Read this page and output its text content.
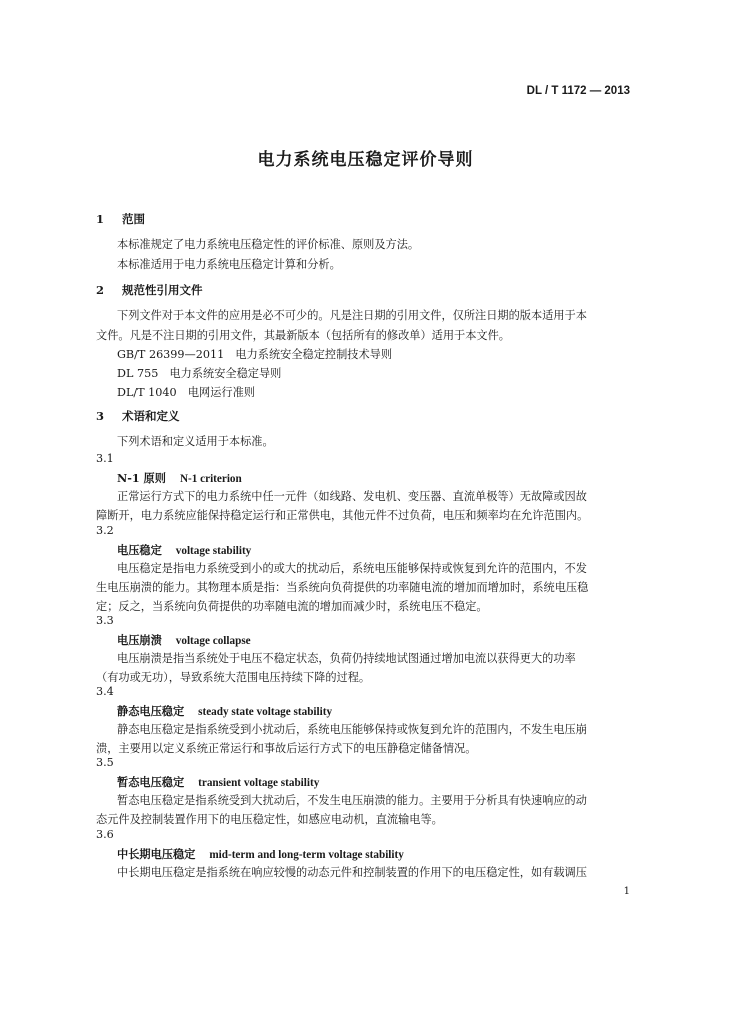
DL / T 1172 — 2013
电力系统电压稳定评价导则
1 范围
本标准规定了电力系统电压稳定性的评价标准、原则及方法。
本标准适用于电力系统电压稳定计算和分析。
2 规范性引用文件
下列文件对于本文件的应用是必不可少的。凡是注日期的引用文件，仅所注日期的版本适用于本
文件。凡是不注日期的引用文件，其最新版本（包括所有的修改单）适用于本文件。
GB/T 26399—2011　电力系统安全稳定控制技术导则
DL 755　电力系统安全稳定导则
DL/T 1040　电网运行准则
3 术语和定义
下列术语和定义适用于本标准。
3.1
N-1 原则 N-1 criterion
正常运行方式下的电力系统中任一元件（如线路、发电机、变压器、直流单极等）无故障或因故
障断开，电力系统应能保持稳定运行和正常供电，其他元件不过负荷，电压和频率均在允许范围内。
3.2
电压稳定 voltage stability
电压稳定是指电力系统受到小的或大的扰动后，系统电压能够保持或恢复到允许的范围内，不发
生电压崩溃的能力。其物理本质是指：当系统向负荷提供的功率随电流的增加而增加时，系统电压稳
定；反之，当系统向负荷提供的功率随电流的增加而减少时，系统电压不稳定。
3.3
电压崩溃 voltage collapse
电压崩溃是指当系统处于电压不稳定状态，负荷仍持续地试图通过增加电流以获得更大的功率
（有功或无功），导致系统大范围电压持续下降的过程。
3.4
静态电压稳定 steady state voltage stability
静态电压稳定是指系统受到小扰动后，系统电压能够保持或恢复到允许的范围内，不发生电压崩
溃，主要用以定义系统正常运行和事故后运行方式下的电压静稳定储备情况。
3.5
暂态电压稳定 transient voltage stability
暂态电压稳定是指系统受到大扰动后，不发生电压崩溃的能力。主要用于分析具有快速响应的动
态元件及控制装置作用下的电压稳定性，如感应电动机，直流输电等。
3.6
中长期电压稳定 mid-term and long-term voltage stability
中长期电压稳定是指系统在响应较慢的动态元件和控制装置的作用下的电压稳定性，如有载调压
1
